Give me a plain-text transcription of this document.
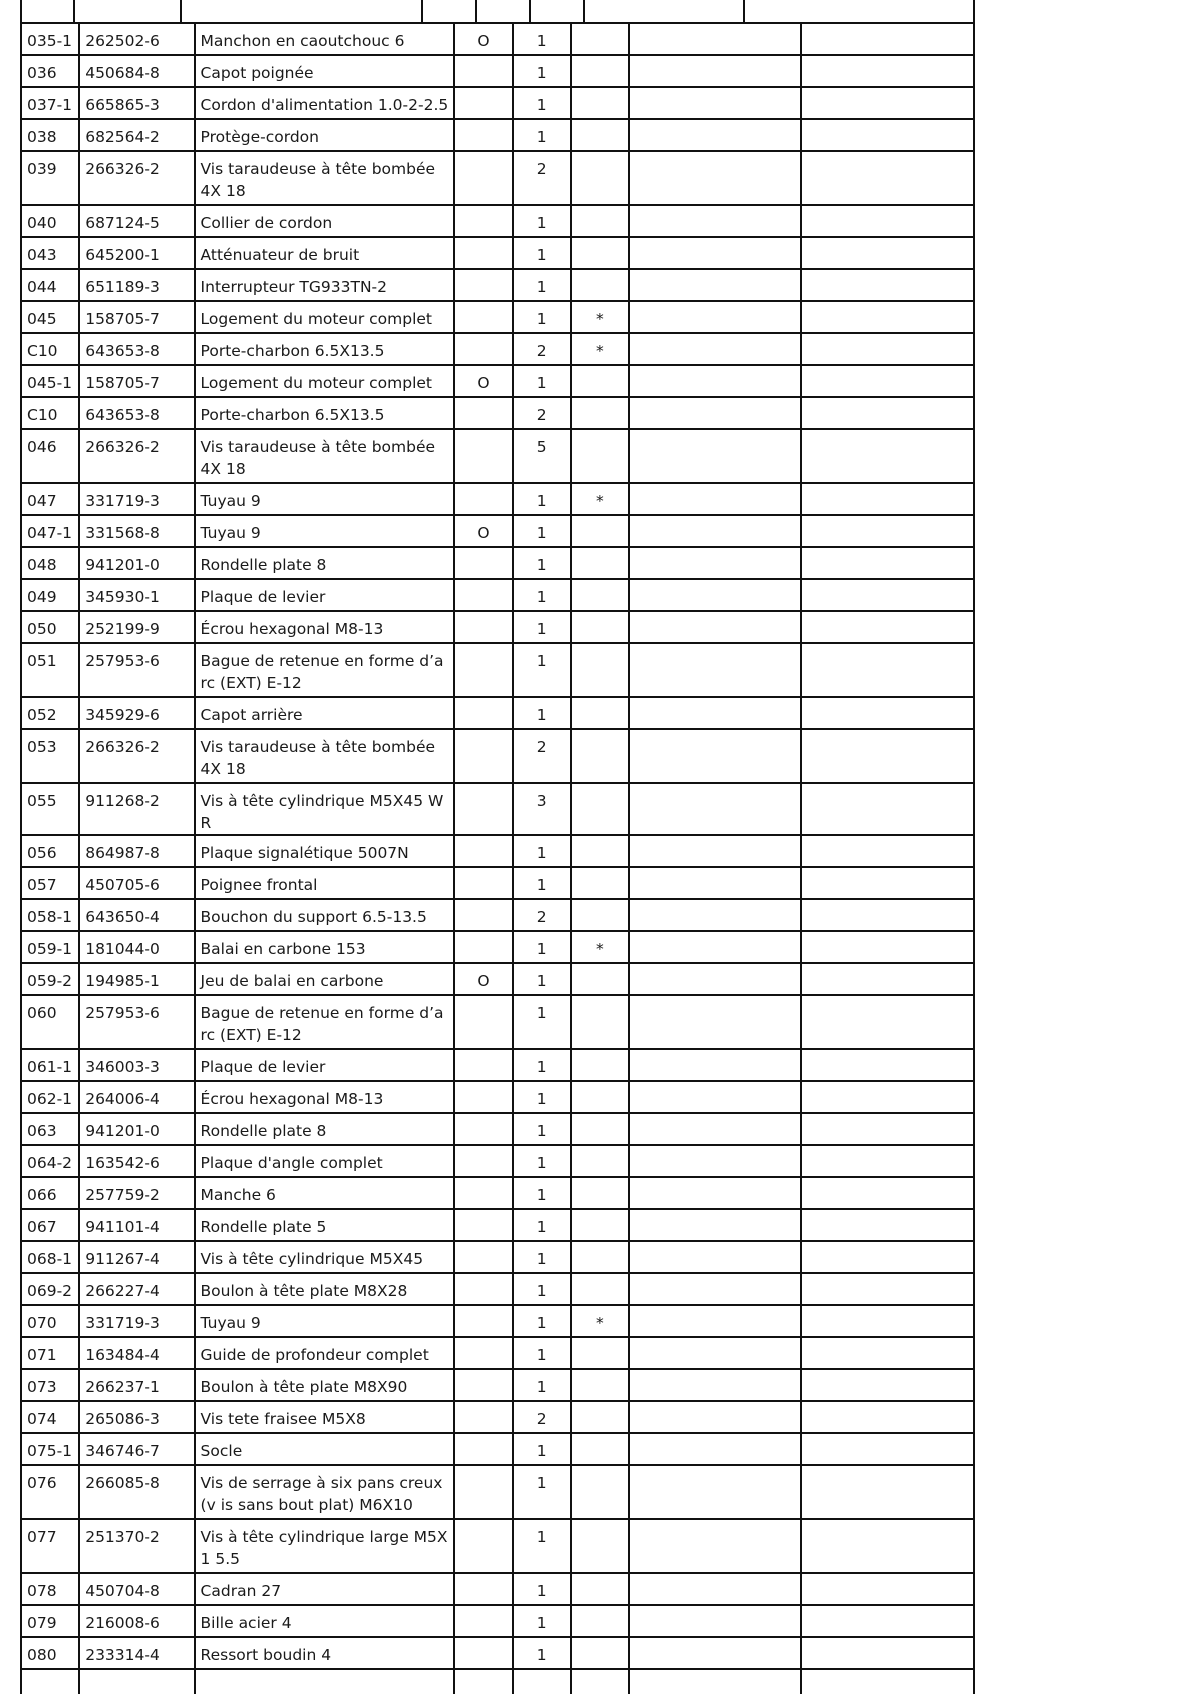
035-1	262502-6	Manchon en caoutchouc 6	O	1			
036	450684-8	Capot poignée		1			
037-1	665865-3	Cordon d'alimentation 1.0-2-2.5		1			
038	682564-2	Protège-cordon		1			
039	266326-2	Vis taraudeuse à tête bombée 4X 18		2			
040	687124-5	Collier de cordon		1			
043	645200-1	Atténuateur de bruit		1			
044	651189-3	Interrupteur TG933TN-2		1			
045	158705-7	Logement du moteur complet		1	*		
C10	643653-8	Porte-charbon 6.5X13.5		2	*		
045-1	158705-7	Logement du moteur complet	O	1			
C10	643653-8	Porte-charbon 6.5X13.5		2			
046	266326-2	Vis taraudeuse à tête bombée 4X 18		5			
047	331719-3	Tuyau 9		1	*		
047-1	331568-8	Tuyau 9	O	1			
048	941201-0	Rondelle plate 8		1			
049	345930-1	Plaque de levier		1			
050	252199-9	Écrou hexagonal M8-13		1			
051	257953-6	Bague de retenue en forme d’arc (EXT) E-12		1			
052	345929-6	Capot arrière		1			
053	266326-2	Vis taraudeuse à tête bombée 4X 18		2			
055	911268-2	Vis à tête cylindrique M5X45 WR		3			
056	864987-8	Plaque signalétique 5007N		1			
057	450705-6	Poignee frontal		1			
058-1	643650-4	Bouchon du support 6.5-13.5		2			
059-1	181044-0	Balai en carbone 153		1	*		
059-2	194985-1	Jeu de balai en carbone	O	1			
060	257953-6	Bague de retenue en forme d’arc (EXT) E-12		1			
061-1	346003-3	Plaque de levier		1			
062-1	264006-4	Écrou hexagonal M8-13		1			
063	941201-0	Rondelle plate 8		1			
064-2	163542-6	Plaque d'angle complet		1			
066	257759-2	Manche 6		1			
067	941101-4	Rondelle plate 5		1			
068-1	911267-4	Vis à tête cylindrique M5X45		1			
069-2	266227-4	Boulon à tête plate M8X28		1			
070	331719-3	Tuyau 9		1	*		
071	163484-4	Guide de profondeur complet		1			
073	266237-1	Boulon à tête plate M8X90		1			
074	265086-3	Vis tete fraisee M5X8		2			
075-1	346746-7	Socle		1			
076	266085-8	Vis de serrage à six pans creux (v is sans bout plat) M6X10		1			
077	251370-2	Vis à tête cylindrique large M5X1 5.5		1			
078	450704-8	Cadran 27		1			
079	216008-6	Bille acier 4		1			
080	233314-4	Ressort boudin 4		1			
